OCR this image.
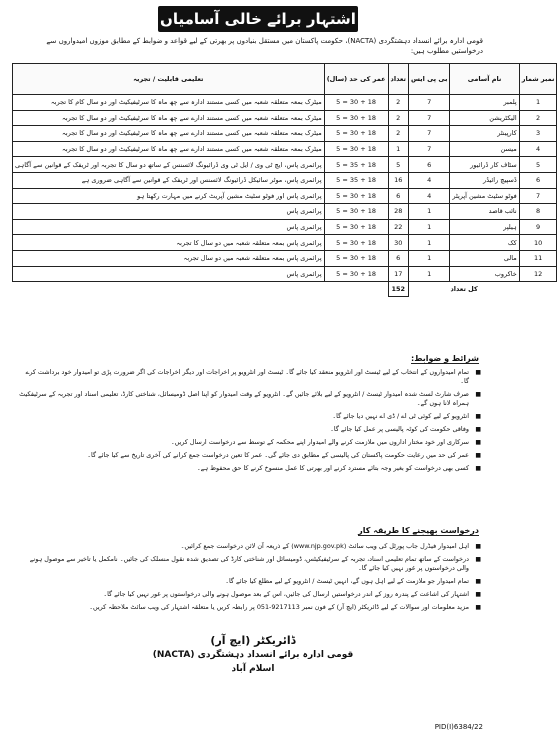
اشتہار برائے خالی آسامیاں
قومی ادارہ برائے انسداد دہشتگردی (NACTA)، حکومت پاکستان میں مستقل بنیادوں پر بھرتی کے لیے قواعد و ضوابط کے مطابق موزوں امیدواروں سے درخواستیں مطلوب ہیں:
نمبر شمار	نام آسامی	بی پی ایس	تعداد	عمر کی حد (سال)	تعلیمی قابلیت / تجربہ
1	پلمبر	7	2	18 + 30 = 5	میٹرک بمعہ متعلقہ شعبہ میں کسی مستند ادارہ سے چھ ماہ کا سرٹیفیکیٹ اور دو سال کام کا تجربہ
2	الیکٹریشن	7	2	18 + 30 = 5	میٹرک بمعہ متعلقہ شعبہ میں کسی مستند ادارے سے چھ ماہ کا سرٹیفیکیٹ اور دو سال کا تجربہ
3	کارپینٹر	7	2	18 + 30 = 5	میٹرک بمعہ متعلقہ شعبہ میں کسی مستند ادارے سے چھ ماہ کا سرٹیفیکیٹ اور دو سال کا تجربہ
4	میسن	7	1	18 + 30 = 5	میٹرک بمعہ متعلقہ شعبہ میں کسی مستند ادارے سے چھ ماہ کا سرٹیفیکیٹ اور دو سال کا تجربہ
5	سٹاف کار ڈرائیور	6	5	18 + 35 = 5	پرائمری پاس، ایچ ٹی وی / ایل ٹی وی ڈرائیونگ لائسنس کے ساتھ دو سال کا تجربہ اور ٹریفک کے قوانین سے آگاہی
6	ڈسپیچ رائیڈر	4	16	18 + 35 = 5	پرائمری پاس، موٹر سائیکل ڈرائیونگ لائسنس اور ٹریفک کے قوانین سے آگاہی ضروری ہے
7	فوٹو سٹیٹ مشین آپریٹر	4	6	18 + 30 = 5	پرائمری پاس اور فوٹو سٹیٹ مشین آپریٹ کرنے میں مہارت رکھتا ہو
8	نائب قاصد	1	28	18 + 30 = 5	پرائمری پاس
9	ہیلپر	1	22	18 + 30 = 5	پرائمری پاس
10	کک	1	30	18 + 30 = 5	پرائمری پاس بمعہ متعلقہ شعبہ میں دو سال کا تجربہ
11	مالی	1	6	18 + 30 = 5	پرائمری پاس بمعہ متعلقہ شعبہ میں دو سال تجربہ
12	خاکروب	1	17	18 + 30 = 5	پرائمری پاس
	کل تعداد		152		
شرائط و ضوابط:
■ تمام امیدواروں کے انتخاب کے لیے ٹیسٹ اور انٹرویو منعقد کیا جائے گا۔ ٹیسٹ اور انٹرویو پر اخراجات اور دیگر اخراجات کی اگر ضرورت پڑی تو امیدوار خود برداشت کرے گا۔
■ صرف شارٹ لسٹ شدہ امیدوار ٹیسٹ / انٹرویو کے لیے بلائے جائیں گے۔ انٹرویو کے وقت امیدوار کو اپنا اصل ڈومیسائل، شناختی کارڈ، تعلیمی اسناد اور تجربہ کے سرٹیفکیٹ ہمراہ لانا ہوں گے۔
■ انٹرویو کے لیے کوئی ٹی اے / ڈی اے نہیں دیا جائے گا۔
■ وفاقی حکومت کی کوٹہ پالیسی پر عمل کیا جائے گا۔
■ سرکاری اور خود مختار اداروں میں ملازمت کرنے والے امیدوار اپنے محکمہ کے توسط سے درخواست ارسال کریں۔
■ عمر کی حد میں رعایت حکومت پاکستان کی پالیسی کے مطابق دی جائے گی۔ عمر کا تعین درخواست جمع کرانے کی آخری تاریخ سے کیا جائے گا۔
■ کسی بھی درخواست کو بغیر وجہ بتائے مسترد کرنے اور بھرتی کا عمل منسوخ کرنے کا حق محفوظ ہے۔
درخواست بھیجنے کا طریقہ کار
■ اہل امیدوار فیڈرل جاب پورٹل کی ویب سائٹ (www.njp.gov.pk) کے ذریعہ آن لائن درخواست جمع کرائیں۔
■ درخواست کے ساتھ تمام تعلیمی اسناد، تجربہ کے سرٹیفیکیٹس، ڈومیسائل اور شناختی کارڈ کی تصدیق شدہ نقول منسلک کی جائیں۔ نامکمل یا تاخیر سے موصول ہونے والی درخواستوں پر غور نہیں کیا جائے گا۔
■ تمام امیدوار جو ملازمت کے لیے اہل ہوں گے، انہیں ٹیسٹ / انٹرویو کے لیے مطلع کیا جائے گا۔
■ اشتہار کی اشاعت کے پندرہ روز کے اندر درخواستیں ارسال کی جائیں، اس کے بعد موصول ہونے والی درخواستوں پر غور نہیں کیا جائے گا۔
■ مزید معلومات اور سوالات کے لیے ڈائریکٹر (ایچ آر) کے فون نمبر 9217113-051 پر رابطہ کریں یا متعلقہ اشتہار کی ویب سائٹ ملاحظہ کریں۔
ڈائریکٹر (ایچ آر)
قومی ادارہ برائے انسداد دہشتگردی (NACTA)
اسلام آباد
PID(I)6384/22
